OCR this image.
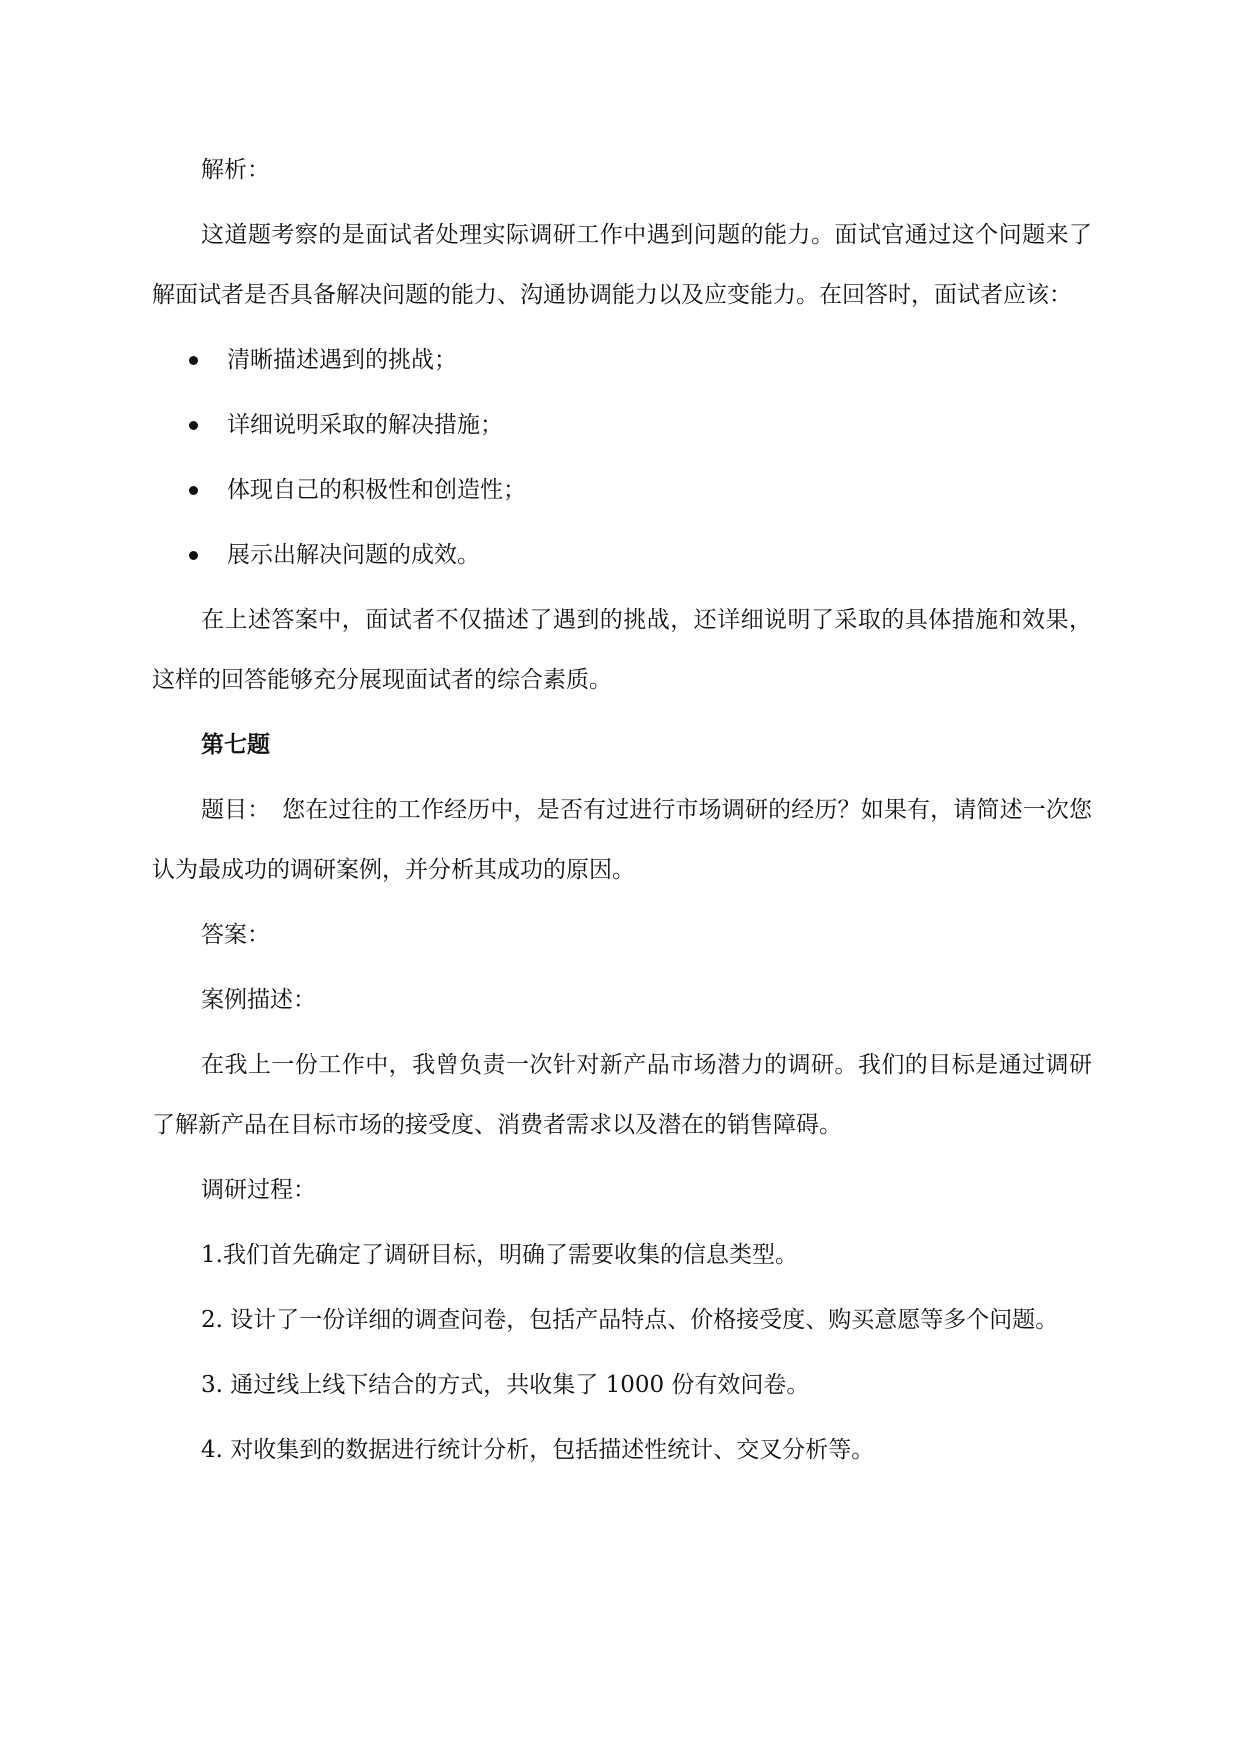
解析：

这道题考察的是面试者处理实际调研工作中遇到问题的能力。面试官通过这个问题来了解面试者是否具备解决问题的能力、沟通协调能力以及应变能力。在回答时，面试者应该：

清晰描述遇到的挑战；
详细说明采取的解决措施；
体现自己的积极性和创造性；
展示出解决问题的成效。

在上述答案中，面试者不仅描述了遇到的挑战，还详细说明了采取的具体措施和效果，这样的回答能够充分展现面试者的综合素质。

第七题

题目：　您在过往的工作经历中，是否有过进行市场调研的经历？如果有，请简述一次您认为最成功的调研案例，并分析其成功的原因。

答案：

案例描述：

在我上一份工作中，我曾负责一次针对新产品市场潜力的调研。我们的目标是通过调研了解新产品在目标市场的接受度、消费者需求以及潜在的销售障碍。

调研过程：

1.我们首先确定了调研目标，明确了需要收集的信息类型。

2. 设计了一份详细的调查问卷，包括产品特点、价格接受度、购买意愿等多个问题。

3. 通过线上线下结合的方式，共收集了 1000 份有效问卷。

4. 对收集到的数据进行统计分析，包括描述性统计、交叉分析等。
